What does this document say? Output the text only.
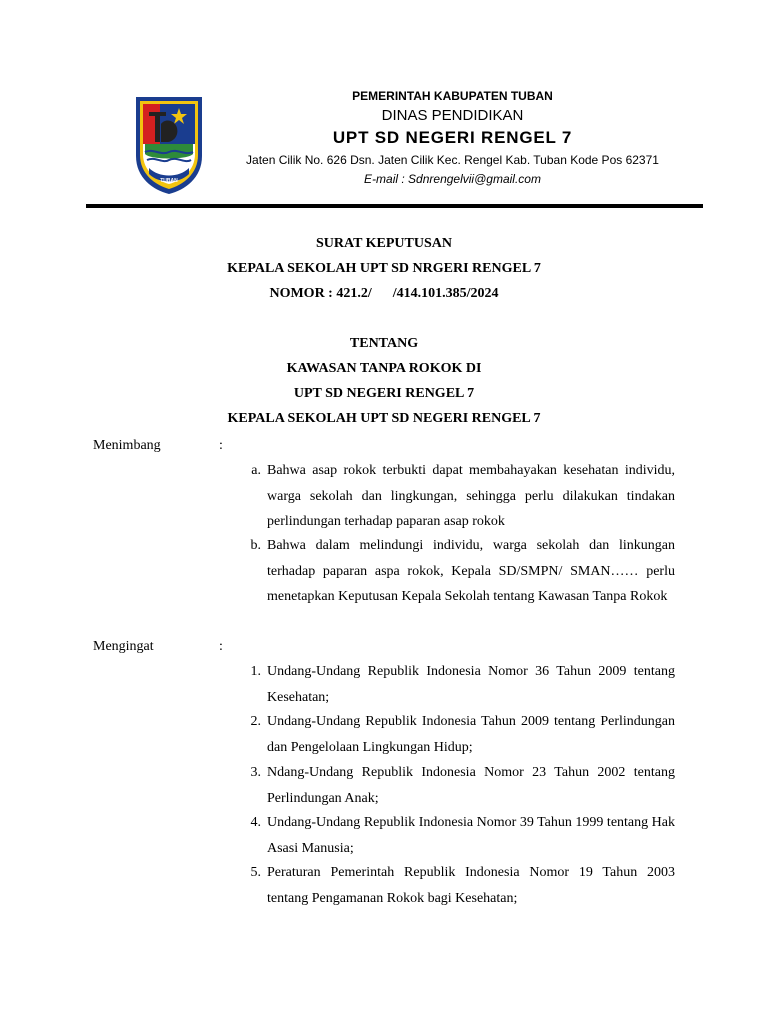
TUBAN
PEMERINTAH KABUPATEN TUBAN
DINAS PENDIDIKAN
UPT SD NEGERI RENGEL 7
Jaten Cilik No. 626 Dsn. Jaten Cilik Kec. Rengel Kab. Tuban Kode Pos 62371
E-mail : Sdnrengelvii@gmail.com
SURAT KEPUTUSAN
KEPALA SEKOLAH UPT SD NRGERI RENGEL 7
NOMOR : 421.2/      /414.101.385/2024
TENTANG
KAWASAN TANPA ROKOK DI
UPT SD NEGERI RENGEL 7
KEPALA SEKOLAH UPT SD NEGERI RENGEL 7
Menimbang	:
a. Bahwa asap rokok terbukti dapat membahayakan kesehatan individu, warga sekolah dan lingkungan, sehingga perlu dilakukan tindakan perlindungan terhadap paparan asap rokok
b. Bahwa dalam melindungi individu, warga sekolah dan linkungan terhadap paparan aspa rokok, Kepala SD/SMPN/ SMAN…… perlu menetapkan Keputusan Kepala Sekolah tentang Kawasan Tanpa Rokok
Mengingat	:
1. Undang-Undang Republik Indonesia Nomor 36 Tahun 2009 tentang Kesehatan;
2. Undang-Undang Republik Indonesia Tahun 2009 tentang Perlindungan dan Pengelolaan Lingkungan Hidup;
3. Ndang-Undang Republik Indonesia Nomor 23 Tahun 2002 tentang Perlindungan Anak;
4. Undang-Undang Republik Indonesia Nomor 39 Tahun 1999 tentang Hak Asasi Manusia;
5. Peraturan Pemerintah Republik Indonesia Nomor 19 Tahun 2003 tentang Pengamanan Rokok bagi Kesehatan;
